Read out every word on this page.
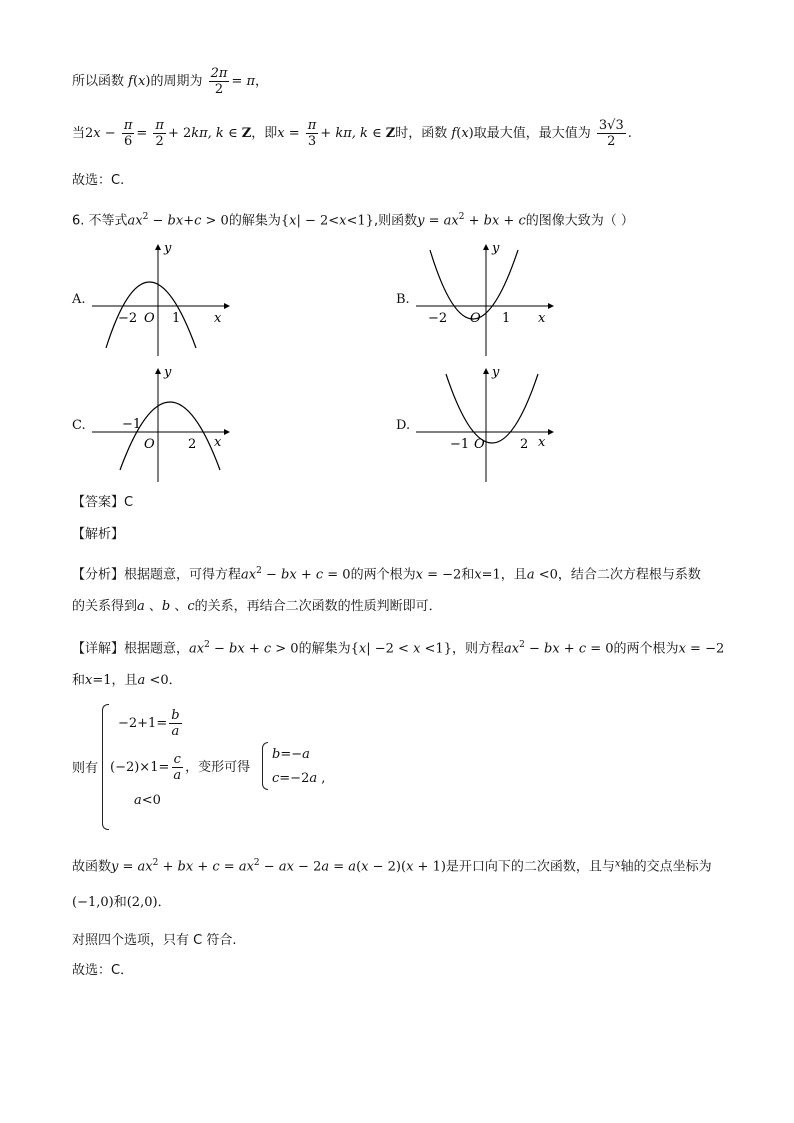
所以函数 f(x)的周期为 $\frac{2\pi}{2} = \pi$，
当$2x - \frac{\pi}{6} = \frac{\pi}{2} + 2k\pi$, k ∈ Z，即$x = \frac{\pi}{3} + k\pi$, k ∈ Z时，函数 f(x)取最大值，最大值为 $\frac{3√3}{2}$ .
故选：C.
6. 不等式$ax^2 - bx+c > 0$的解集为{x| − 2<x<1},则函数$y = ax^2$ + bx + c的图像大致为（ ）
A.	B.
C.	D.
y
x
−2 O 1
y
x
−2 O 1
y
x
−1
O	2
y
x
−1 O	2
【答案】C
【解析】
【分析】根据题意，可得方程$ax^2$ − bx + c = 0的两个根为x = −2和x=1，且a <0，结合二次方程根与系数
的关系得到a 、b 、c的关系，再结合二次函数的性质判断即可．
【详解】根据题意，$ax^2$ − bx + c > 0的解集为{x| −2 < x <1}，则方程$ax^2$ − bx + c = 0的两个根为x = −2
和x=1，且a <0．
则有
$-2+1= \frac{b}{a}$
$(-2)\times 1= \frac{c}{a}$ ，变形可得
a<0
b=−a
c=−2a ,
故函数$y = ax^2$ + bx + $c = ax^2$ − ax − 2a = a(x − 2)(x + 1)是开口向下的二次函数，且与$^x$轴的交点坐标为
(−1,0)和(2,0)．
对照四个选项，只有 C 符合.
故选：C．
